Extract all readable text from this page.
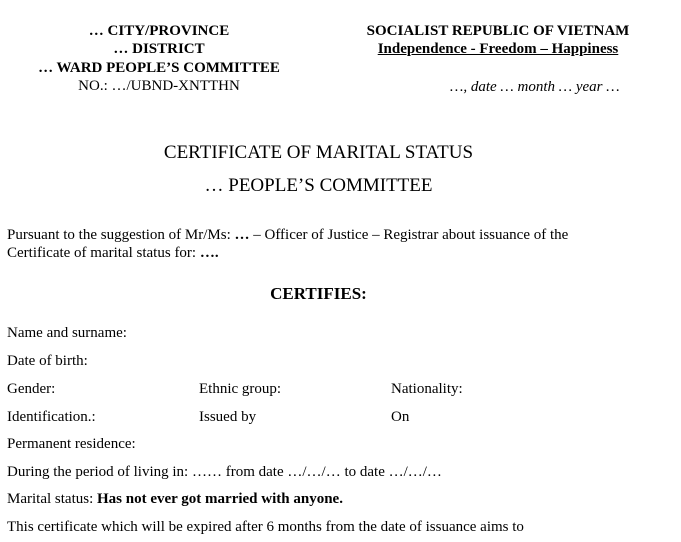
… CITY/PROVINCE
… DISTRICT
… WARD PEOPLE’S COMMITTEE
NO.: …/UBND-XNTTHN
SOCIALIST REPUBLIC OF VIETNAM
Independence - Freedom – Happiness
…, date … month … year …
CERTIFICATE OF MARITAL STATUS
… PEOPLE’S COMMITTEE
Pursuant to the suggestion of Mr/Ms: … – Officer of Justice – Registrar about issuance of the
Certificate of marital status for: ….
CERTIFIES:
Name and surname:
Date of birth:
Gender:	Ethnic group:	Nationality:
Identification.:	Issued by	On
Permanent residence:
During the period of living in: …… from date …/…/… to date …/…/…
Marital status: Has not ever got married with anyone.
This certificate which will be expired after 6 months from the date of issuance aims to
